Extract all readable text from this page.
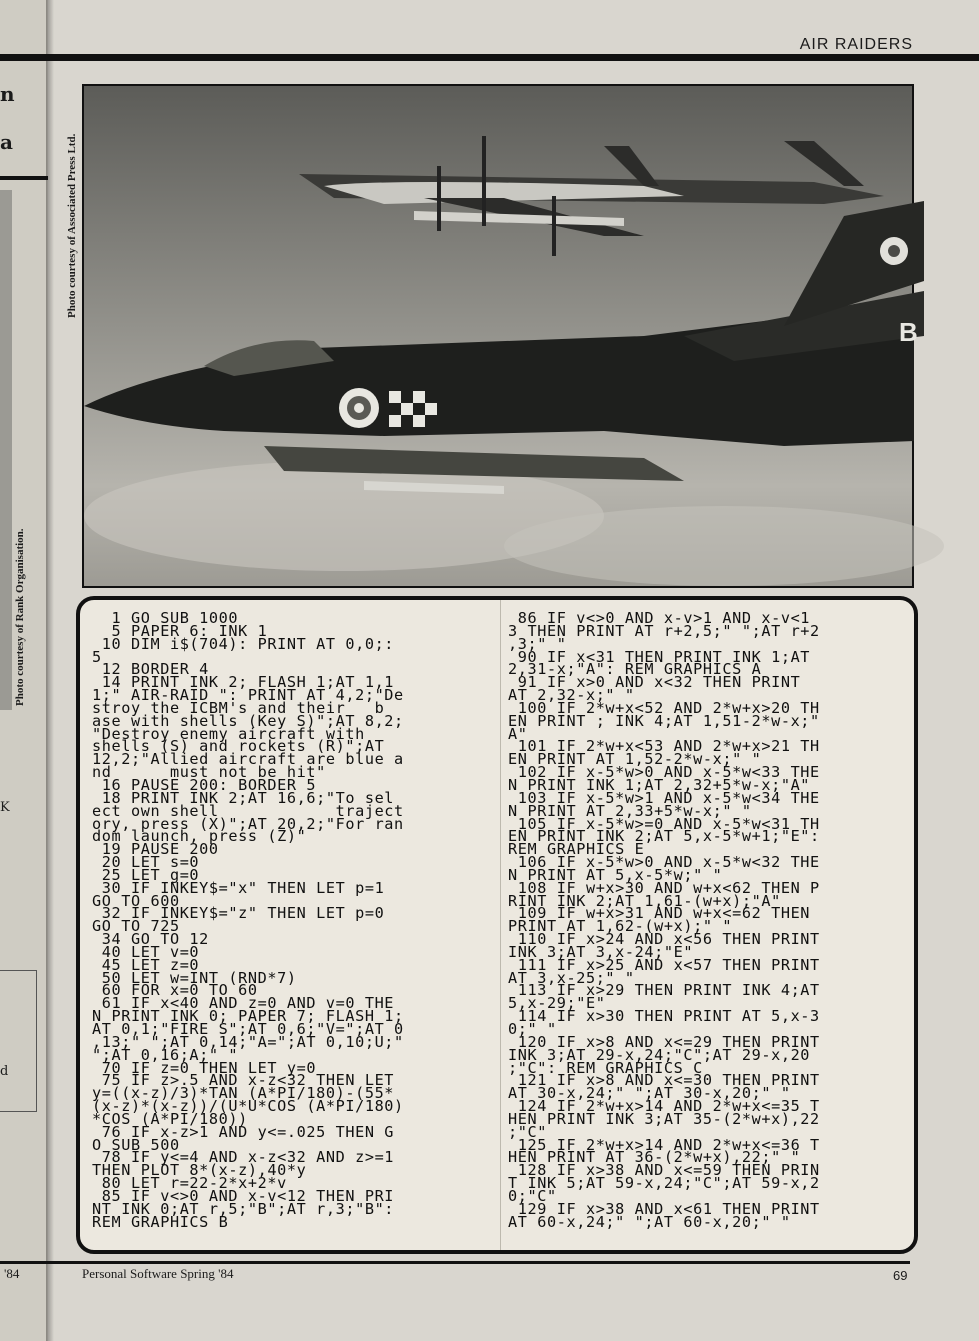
n
a
K
d
AIR RAIDERS
Photo courtesy of Associated Press Ltd.
Photo courtesy of Rank Organisation.
B
1 GO SUB 1000
5 PAPER 6: INK 1
10 DIM i$(704): PRINT AT 0,0;:
5
12 BORDER 4
14 PRINT INK 2; FLASH 1;AT 1,1
1;" AIR-RAID ": PRINT AT 4,2;"De
stroy the ICBM's and their   b
ase with shells (Key S)";AT 8,2;
"Destroy enemy aircraft with
shells (S) and rockets (R)";AT
12,2;"Allied aircraft are blue a
nd      must not be hit"
16 PAUSE 200: BORDER 5
18 PRINT INK 2;AT 16,6;"To sel
ect own shell            traject
ory, press (X)";AT 20,2;"For ran
dom launch, press (Z)"
19 PAUSE 200
20 LET s=0
25 LET g=0
30 IF INKEY$="x" THEN LET p=1
GO TO 600
32 IF INKEY$="z" THEN LET p=0
GO TO 725
34 GO TO 12
40 LET v=0
45 LET z=0
50 LET w=INT (RND*7)
60 FOR x=0 TO 60
61 IF x<40 AND z=0 AND v=0 THE
N PRINT INK 0; PAPER 7; FLASH 1;
AT 0,1;"FIRE S";AT 0,6;"V=";AT 0
,13;" ";AT 0,14;"A=";AT 0,10;U;"
";AT 0,16;A;" "
70 IF z=0 THEN LET y=0
75 IF z>.5 AND x-z<32 THEN LET
y=((x-z)/3)*TAN (A*PI/180)-(55*
(x-z)*(x-z))/(U*U*COS (A*PI/180)
*COS (A*PI/180))
76 IF x-z>1 AND y<=.025 THEN G
O SUB 500
78 IF y<=4 AND x-z<32 AND z>=1
THEN PLOT 8*(x-z),40*y
80 LET r=22-2*x+2*v
85 IF v<>0 AND x-v<12 THEN PRI
NT INK 0;AT r,5;"B";AT r,3;"B":
REM GRAPHICS B
86 IF v<>0 AND x-v>1 AND x-v<1
3 THEN PRINT AT r+2,5;" ";AT r+2
,3;" "
90 IF x<31 THEN PRINT INK 1;AT
2,31-x;"A": REM GRAPHICS A
91 IF x>0 AND x<32 THEN PRINT
AT 2,32-x;" "
100 IF 2*w+x<52 AND 2*w+x>20 TH
EN PRINT ; INK 4;AT 1,51-2*w-x;"
A"
101 IF 2*w+x<53 AND 2*w+x>21 TH
EN PRINT AT 1,52-2*w-x;" "
102 IF x-5*w>0 AND x-5*w<33 THE
N PRINT INK 1;AT 2,32+5*w-x;"A"
103 IF x-5*w>1 AND x-5*w<34 THE
N PRINT AT 2,33+5*w-x;" "
105 IF x-5*w>=0 AND x-5*w<31 TH
EN PRINT INK 2;AT 5,x-5*w+1;"E":
REM GRAPHICS E
106 IF x-5*w>0 AND x-5*w<32 THE
N PRINT AT 5,x-5*w;" "
108 IF w+x>30 AND w+x<62 THEN P
RINT INK 2;AT 1,61-(w+x);"A"
109 IF w+x>31 AND w+x<=62 THEN
PRINT AT 1,62-(w+x);" "
110 IF x>24 AND x<56 THEN PRINT
INK 3;AT 3,x-24;"E"
111 IF x>25 AND x<57 THEN PRINT
AT 3,x-25;" "
113 IF x>29 THEN PRINT INK 4;AT
5,x-29;"E"
114 IF x>30 THEN PRINT AT 5,x-3
0;" "
120 IF x>8 AND x<=29 THEN PRINT
INK 3;AT 29-x,24;"C";AT 29-x,20
;"C": REM GRAPHICS C
121 IF x>8 AND x<=30 THEN PRINT
AT 30-x,24;" ";AT 30-x,20;" "
124 IF 2*w+x>14 AND 2*w+x<=35 T
HEN PRINT INK 3;AT 35-(2*w+x),22
;"C"
125 IF 2*w+x>14 AND 2*w+x<=36 T
HEN PRINT AT 36-(2*w+x),22;" "
128 IF x>38 AND x<=59 THEN PRIN
T INK 5;AT 59-x,24;"C";AT 59-x,2
0;"C"
129 IF x>38 AND x<61 THEN PRINT
AT 60-x,24;" ";AT 60-x,20;" "
'84	Personal Software Spring '84	69
